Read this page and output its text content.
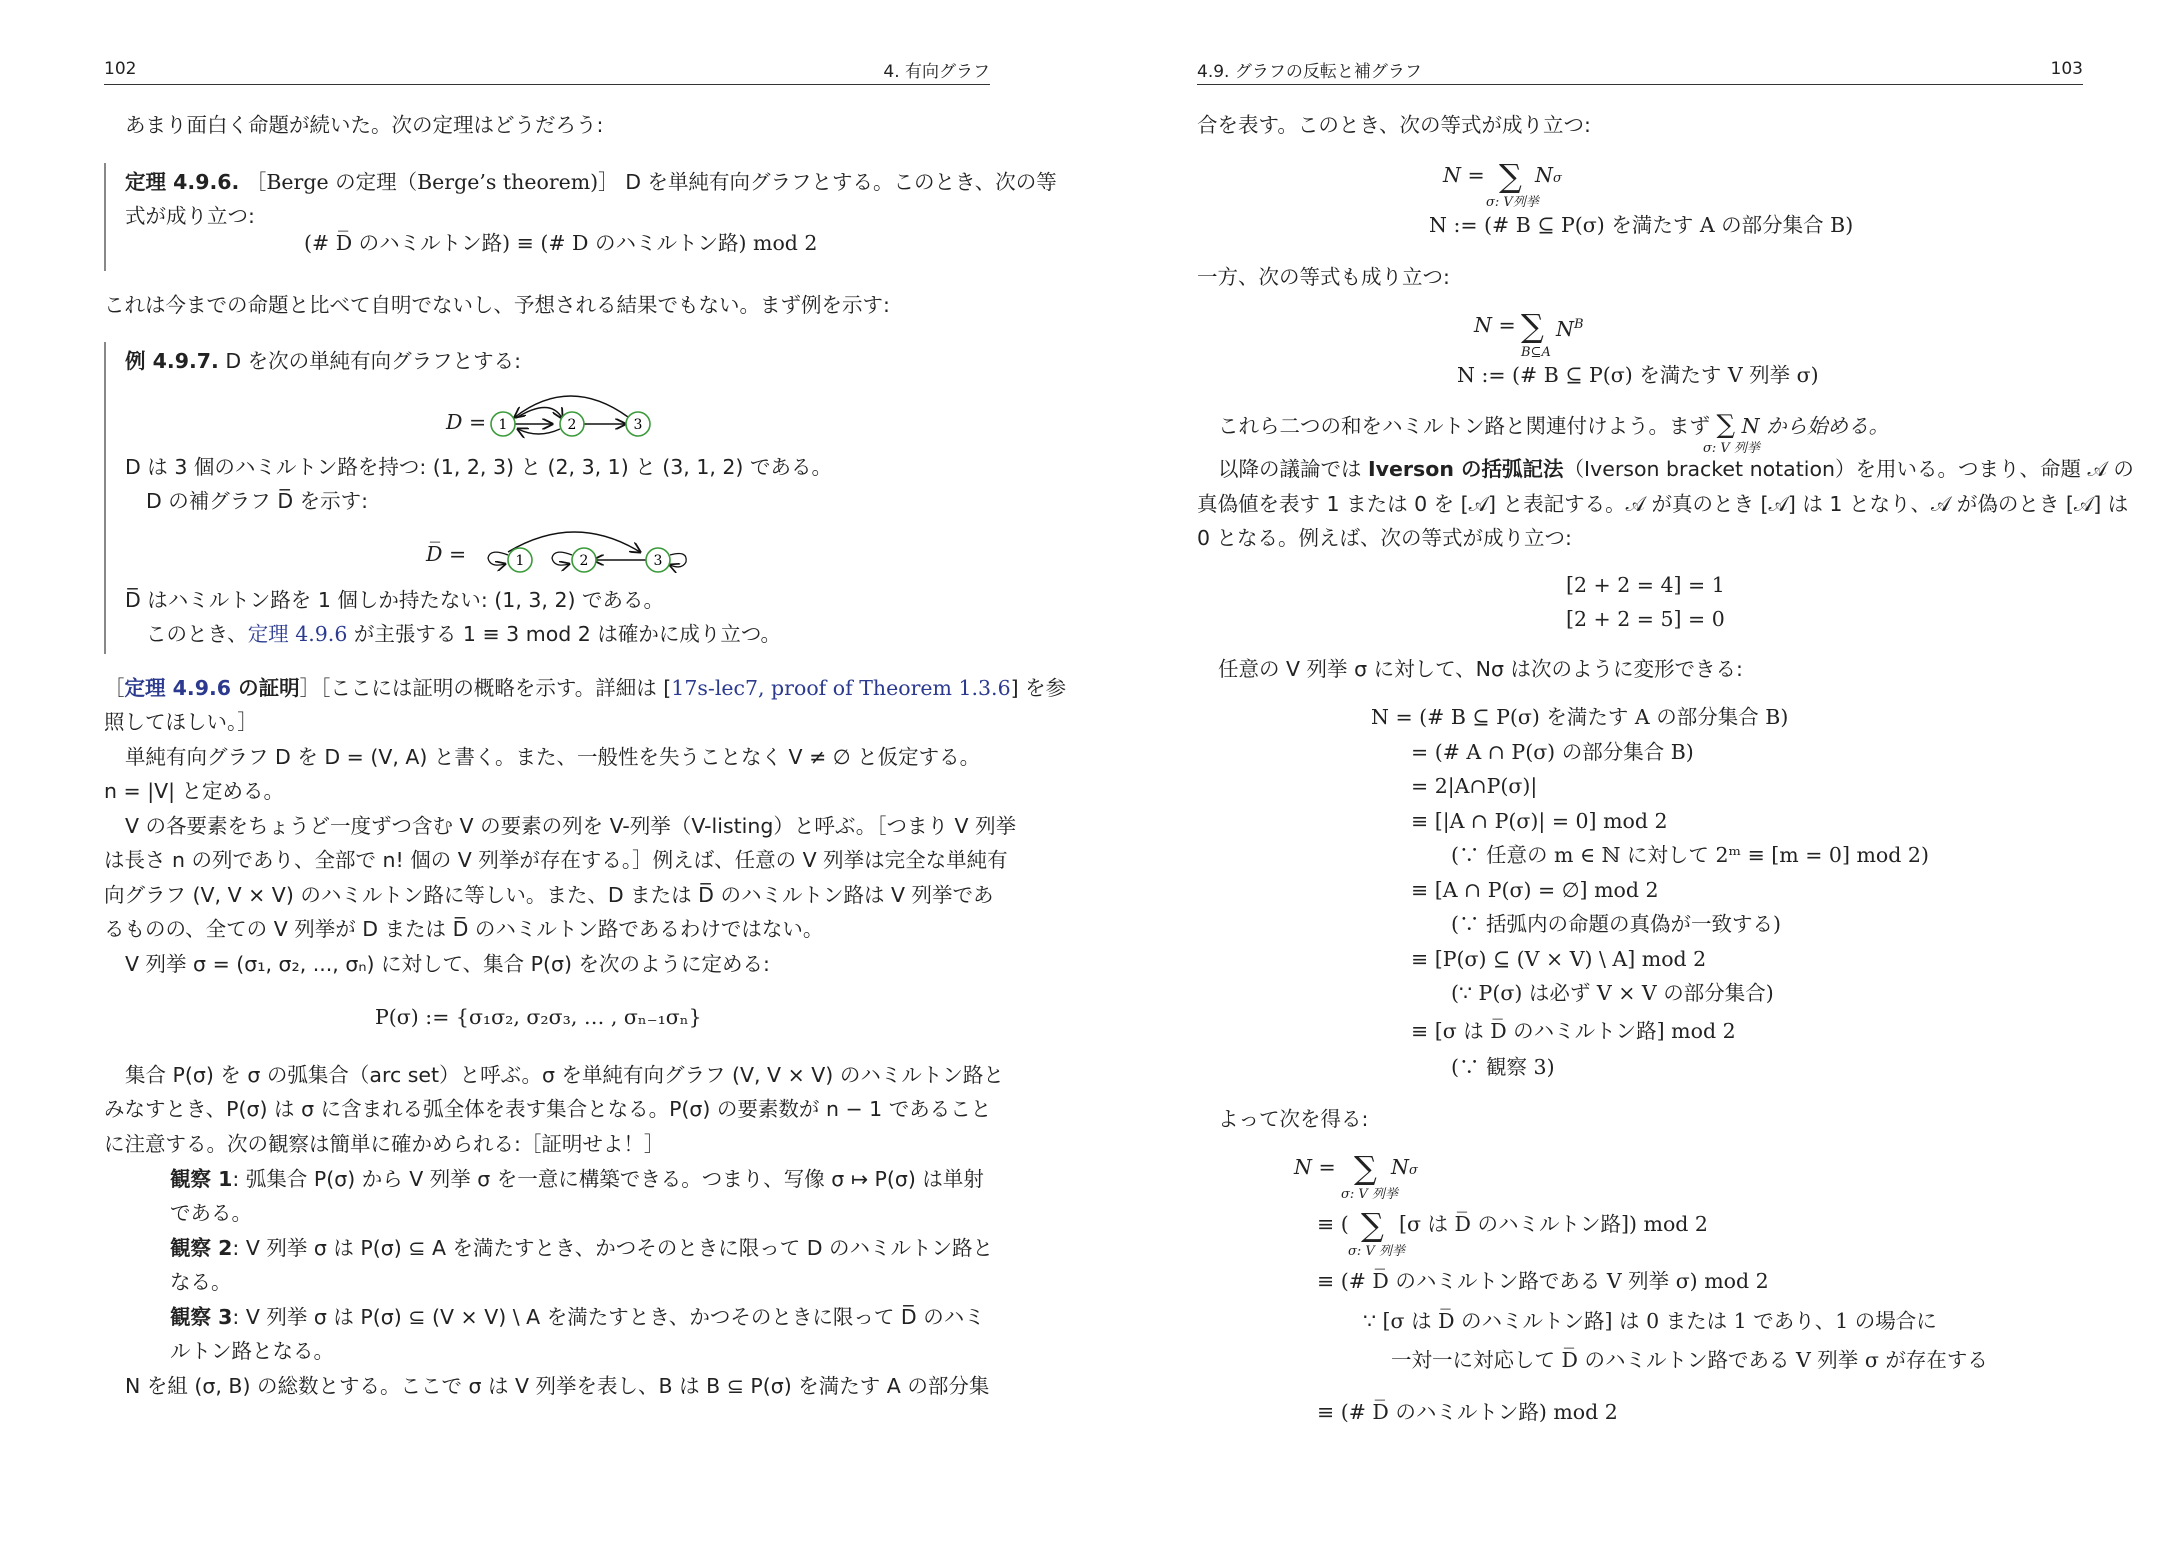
102	4. 有向グラフ
あまり面白く命題が続いた。次の定理はどうだろう:
定理 4.9.6. ［Berge の定理（Berge’s theorem)］ D を単純有向グラフとする。このとき、次の等
式が成り立つ:
(# D̅ のハミルトン路) ≡ (# D のハミルトン路) mod 2
これは今までの命題と比べて自明でないし、予想される結果でもない。まず例を示す:
例 4.9.7. D を次の単純有向グラフとする:
D = 1	2	3
D は 3 個のハミルトン路を持つ: (1, 2, 3) と (2, 3, 1) と (3, 1, 2) である。
D の補グラフ D̅ を示す:
D̅ =	1	2	3
D̅ はハミルトン路を 1 個しか持たない: (1, 3, 2) である。
このとき、定理 4.9.6 が主張する 1 ≡ 3 mod 2 は確かに成り立つ。
［定理 4.9.6 の証明］［ここには証明の概略を示す。詳細は [17s-lec7, proof of Theorem 1.3.6] を参
照してほしい。］
単純有向グラフ D を D = (V, A) と書く。また、一般性を失うことなく V ≠ ∅ と仮定する。
n = |V| と定める。
V の各要素をちょうど一度ずつ含む V の要素の列を V-列挙（V-listing）と呼ぶ。［つまり V 列挙
は長さ n の列であり、全部で n! 個の V 列挙が存在する。］例えば、任意の V 列挙は完全な単純有
向グラフ (V, V × V) のハミルトン路に等しい。また、D または D̅ のハミルトン路は V 列挙であ
るものの、全ての V 列挙が D または D̅ のハミルトン路であるわけではない。
V 列挙 σ = (σ₁, σ₂, ..., σₙ) に対して、集合 P(σ) を次のように定める:
P(σ) := {σ₁σ₂, σ₂σ₃, … , σₙ₋₁σₙ}
集合 P(σ) を σ の弧集合（arc set）と呼ぶ。σ を単純有向グラフ (V, V × V) のハミルトン路と
みなすとき、P(σ) は σ に含まれる弧全体を表す集合となる。P(σ) の要素数が n − 1 であること
に注意する。次の観察は簡単に確かめられる:［証明せよ！］
観察 1: 弧集合 P(σ) から V 列挙 σ を一意に構築できる。つまり、写像 σ ↦ P(σ) は単射
である。
観察 2: V 列挙 σ は P(σ) ⊆ A を満たすとき、かつそのときに限って D のハミルトン路と
なる。
観察 3: V 列挙 σ は P(σ) ⊆ (V × V) \ A を満たすとき、かつそのときに限って D̅ のハミ
ルトン路となる。
N を組 (σ, B) の総数とする。ここで σ は V 列挙を表し、B は B ⊆ P(σ) を満たす A の部分集
4.9. グラフの反転と補グラフ	103
合を表す。このとき、次の等式が成り立つ:
N = ∑
σ: V列挙
Nσ
N := (# B ⊆ P(σ) を満たす A の部分集合 B)
一方、次の等式も成り立つ:
N = ∑
B⊆A
$N^B$
N := (# B ⊆ P(σ) を満たす V 列挙 σ)
これら二つの和をハミルトン路と関連付けよう。まず ∑ N から始める。
σ: V 列挙
以降の議論では Iverson の括弧記法（Iverson bracket notation）を用いる。つまり、命題 𝒜 の
真偽値を表す 1 または 0 を [𝒜] と表記する。𝒜 が真のとき [𝒜] は 1 となり、𝒜 が偽のとき [𝒜] は
0 となる。例えば、次の等式が成り立つ:
[2 + 2 = 4] = 1
[2 + 2 = 5] = 0
任意の V 列挙 σ に対して、Nσ は次のように変形できる:
N = (# B ⊆ P(σ) を満たす A の部分集合 B)
= (# A ∩ P(σ) の部分集合 B)
= 2|A∩P(σ)|
≡ [|A ∩ P(σ)| = 0] mod 2
(∵ 任意の m ∈ ℕ に対して 2ᵐ ≡ [m = 0] mod 2)
≡ [A ∩ P(σ) = ∅] mod 2
(∵ 括弧内の命題の真偽が一致する)
≡ [P(σ) ⊆ (V × V) \ A] mod 2
(∵ P(σ) は必ず V × V の部分集合)
≡ [σ は D̅ のハミルトン路] mod 2
(∵ 観察 3)
よって次を得る:
N = ∑
σ: V 列挙
Nσ
≡ ( ∑
σ: V 列挙
[σ は D̅ のハミルトン路]) mod 2
≡ (# D̅ のハミルトン路である V 列挙 σ) mod 2
∵ [σ は D̅ のハミルトン路] は 0 または 1 であり、1 の場合に
一対一に対応して D̅ のハミルトン路である V 列挙 σ が存在する
≡ (# D̅ のハミルトン路) mod 2
